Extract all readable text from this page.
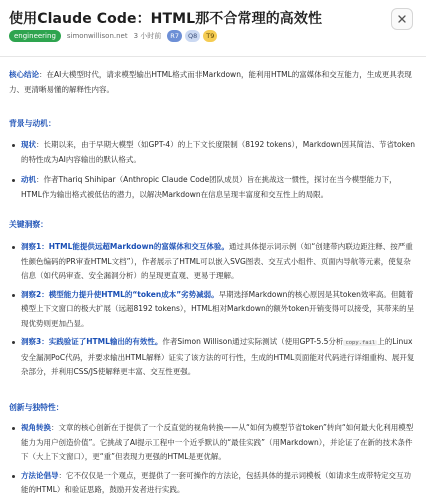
使用Claude Code：HTML那不合常理的高效性
engineering	simonwillison.net 3 小时前	R7	Q8	T9

核心结论：在AI大模型时代，请求模型输出HTML格式而非Markdown，能利用HTML的富媒体和交互能力，生成更具表现力、更清晰易懂的解释性内容。

背景与动机：
现状：长期以来，由于早期大模型（如GPT-4）的上下文长度限制（8192 tokens），Markdown因其简洁、节省token的特性成为AI内容输出的默认格式。
动机：作者Thariq Shihipar（Anthropic Claude Code团队成员）旨在挑战这一惯性，探讨在当今模型能力下，HTML作为输出格式被低估的潜力，以解决Markdown在信息呈现丰富度和交互性上的局限。
关键洞察：
洞察1：HTML能提供远超Markdown的富媒体和交互体验。通过具体提示词示例（如“创建带内联边距注释、按严重性颜色编码的PR审查HTML文档”），作者展示了HTML可以嵌入SVG图表、交互式小组件、页面内导航等元素，使复杂信息（如代码审查、安全漏洞分析）的呈现更直观、更易于理解。
洞察2：模型能力提升使HTML的“token成本”劣势减弱。早期选择Markdown的核心原因是其token效率高。但随着模型上下文窗口的极大扩展（远超8192 tokens），HTML相对Markdown的额外token开销变得可以接受，其带来的呈现优势则更加凸显。
洞察3：实践验证了HTML输出的有效性。作者Simon Willison通过实际测试（使用GPT-5.5分析 copy.fail 上的Linux安全漏洞PoC代码，并要求输出HTML解释）证实了该方法的可行性，生成的HTML页面能对代码进行详细重构、展开复杂部分，并利用CSS/JS使解释更丰富、交互性更强。
创新与独特性：
视角转换：文章的核心创新在于提供了一个反直觉的视角转换——从“如何为模型节省token”转向“如何最大化利用模型能力为用户创造价值”。它挑战了AI提示工程中一个近乎默认的“最佳实践”（用Markdown），并论证了在新的技术条件下（大上下文窗口），更“重”但表现力更强的HTML是更优解。
方法论倡导：它不仅仅是一个观点，更提供了一套可操作的方法论，包括具体的提示词模板（如请求生成带特定交互功能的HTML）和验证思路，鼓励开发者进行实践。
